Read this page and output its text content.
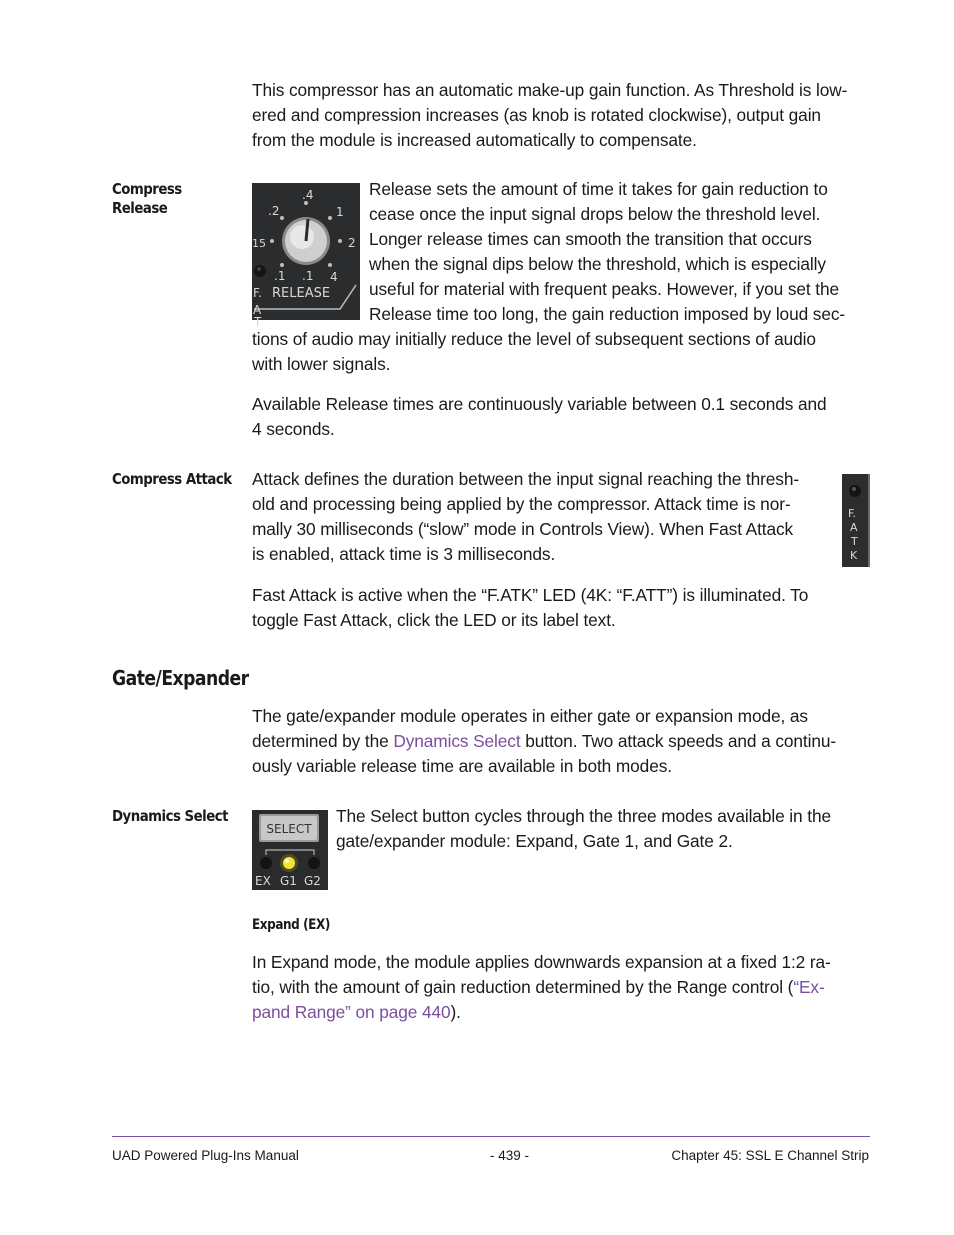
This compressor has an automatic make-up gain function. As Threshold is low-
ered and compression increases (as knob is rotated clockwise), output gain
from the module is increased automatically to compensate.
Compress
Release
.4
.2
.1
1
15	2
.1 4
F. RELEASE
A
T
Release sets the amount of time it takes for gain reduction to
cease once the input signal drops below the threshold level.
Longer release times can smooth the transition that occurs
when the signal dips below the threshold, which is especially
useful for material with frequent peaks. However, if you set the
Release time too long, the gain reduction imposed by loud sec-
tions of audio may initially reduce the level of subsequent sections of audio
with lower signals.
Available Release times are continuously variable between 0.1 seconds and
4 seconds.
Compress Attack Attack defines the duration between the input signal reaching the thresh-
old and processing being applied by the compressor. Attack time is nor-
mally 30 milliseconds (“slow” mode in Controls View). When Fast Attack
is enabled, attack time is 3 milliseconds.
F.
A
T
K
Fast Attack is active when the “F.ATK” LED (4K: “F.ATT”) is illuminated. To
toggle Fast Attack, click the LED or its label text.
Gate/Expander
The gate/expander module operates in either gate or expansion mode, as
determined by the Dynamics Select button. Two attack speeds and a continu-
ously variable release time are available in both modes.
Dynamics Select
SELECT
EX G1 G2
The Select button cycles through the three modes available in the
gate/expander module: Expand, Gate 1, and Gate 2.
Expand (EX)
In Expand mode, the module applies downwards expansion at a fixed 1:2 ra-
tio, with the amount of gain reduction determined by the Range control (“Ex-
pand Range” on page 440).
UAD Powered Plug-Ins Manual	- 439 -	Chapter 45: SSL E Channel Strip
